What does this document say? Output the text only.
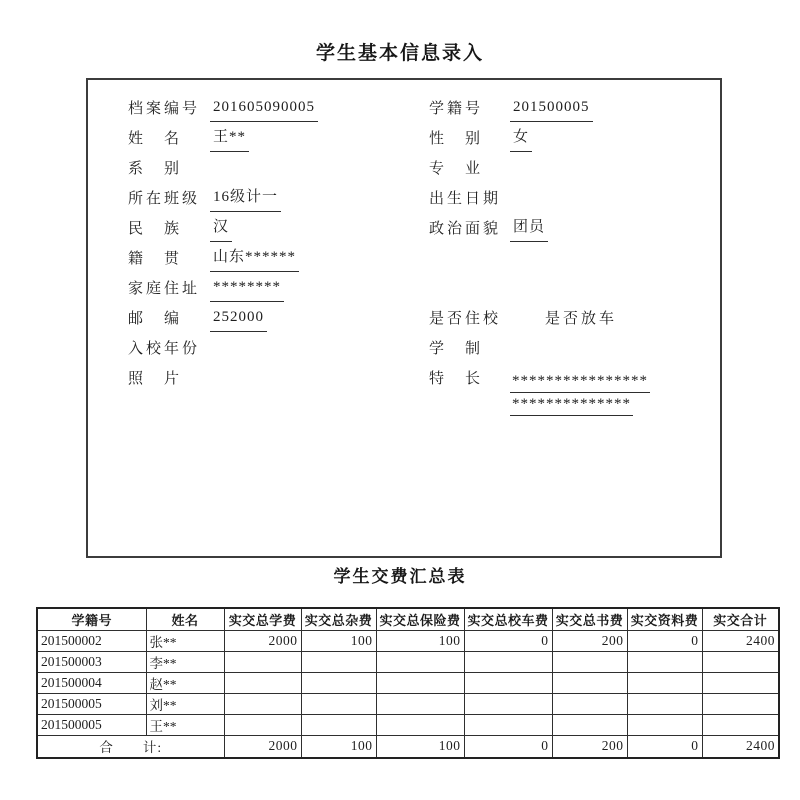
学生基本信息录入
档案编号 201605090005	学籍号	201500005
姓　名	王**	性　别	女
系　别	专　业
所在班级 16级计一	出生日期
民　族	汉	政治面貌 团员
籍　贯	山东******
家庭住址 ********
邮　编	252000	是否住校	是否放车
入校年份	学　制
照　片	特　长	****************
**************
学生交费汇总表
学籍号	姓名	实交总学费	实交总杂费	实交总保险费	实交总校车费	实交总书费	实交资料费	实交合计
201500002	张**	2000	100	100	0	200	0	2400
201500003	李**							
201500004	赵**							
201500005	刘**							
201500005	王**							
合　　计:		2000	100	100	0	200	0	2400
